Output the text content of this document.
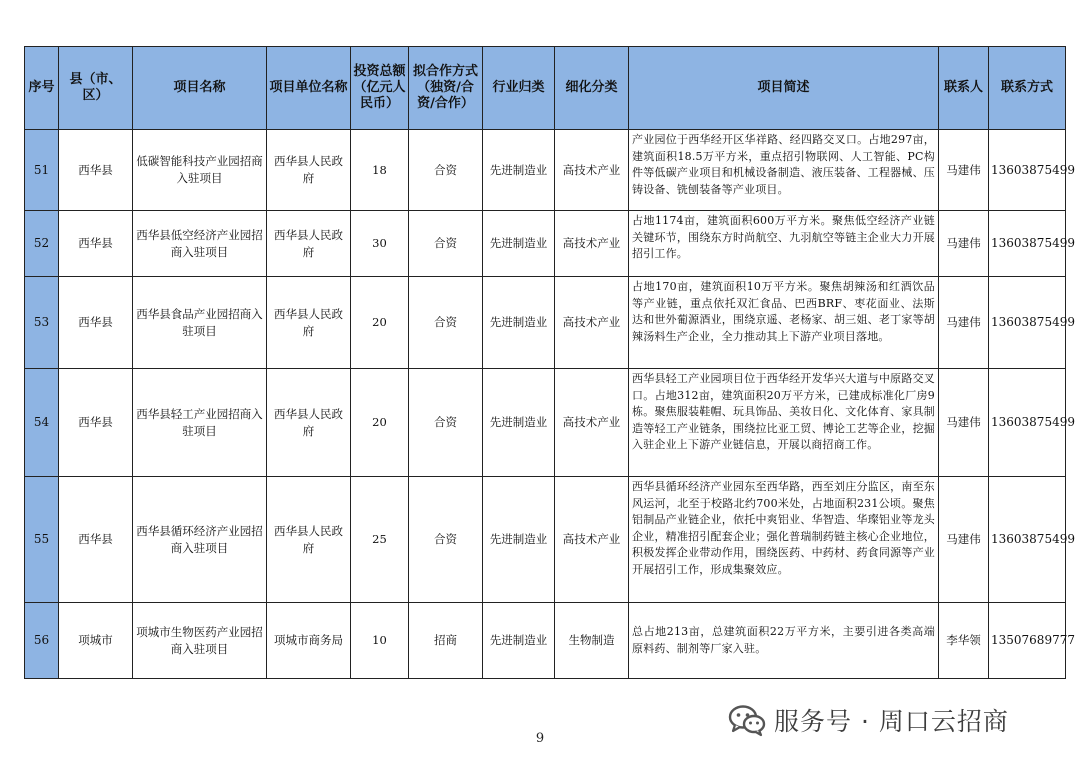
序号	县（市、区）	项目名称	项目单位名称	投资总额（亿元人民币）	拟合作方式（独资/合资/合作）	行业归类	细化分类	项目简述	联系人	联系方式
51	西华县	低碳智能科技产业园招商入驻项目	西华县人民政府	18	合资	先进制造业	高技术产业	产业园位于西华经开区华祥路、经四路交叉口。占地297亩，建筑面积18.5万平方米，重点招引物联网、人工智能、PC构件等低碳产业项目和机械设备制造、液压装备、工程器械、压铸设备、铣刨装备等产业项目。	马建伟	13603875499
52	西华县	西华县低空经济产业园招商入驻项目	西华县人民政府	30	合资	先进制造业	高技术产业	占地1174亩，建筑面积600万平方米。聚焦低空经济产业链关键环节，围绕东方时尚航空、九羽航空等链主企业大力开展招引工作。	马建伟	13603875499
53	西华县	西华县食品产业园招商入驻项目	西华县人民政府	20	合资	先进制造业	高技术产业	占地170亩，建筑面积10万平方米。聚焦胡辣汤和红酒饮品等产业链，重点依托双汇食品、巴西BRF、枣花面业、法斯达和世外葡源酒业，围绕京遥、老杨家、胡三姐、老丁家等胡辣汤料生产企业，全力推动其上下游产业项目落地。	马建伟	13603875499
54	西华县	西华县轻工产业园招商入驻项目	西华县人民政府	20	合资	先进制造业	高技术产业	西华县轻工产业园项目位于西华经开发华兴大道与中原路交叉口。占地312亩，建筑面积20万平方米，已建成标准化厂房9栋。聚焦服装鞋帽、玩具饰品、美妆日化、文化体育、家具制造等轻工产业链条，围绕拉比亚工贸、博论工艺等企业，挖掘入驻企业上下游产业链信息，开展以商招商工作。	马建伟	13603875499
55	西华县	西华县循环经济产业园招商入驻项目	西华县人民政府	25	合资	先进制造业	高技术产业	西华县循环经济产业园东至西华路，西至刘庄分监区，南至东风运河，北至于校路北约700米处，占地面积231公顷。聚焦铝制品产业链企业，依托中爽铝业、华智造、华璨铝业等龙头企业，精准招引配套企业；强化普瑞制药链主核心企业地位，积极发挥企业带动作用，围绕医药、中药材、药食同源等产业开展招引工作，形成集聚效应。	马建伟	13603875499
56	项城市	项城市生物医药产业园招商入驻项目	项城市商务局	10	招商	先进制造业	生物制造	总占地213亩，总建筑面积22万平方米，主要引进各类高端原料药、制剂等厂家入驻。	李华领	13507689777
服务号 · 周口云招商
9
